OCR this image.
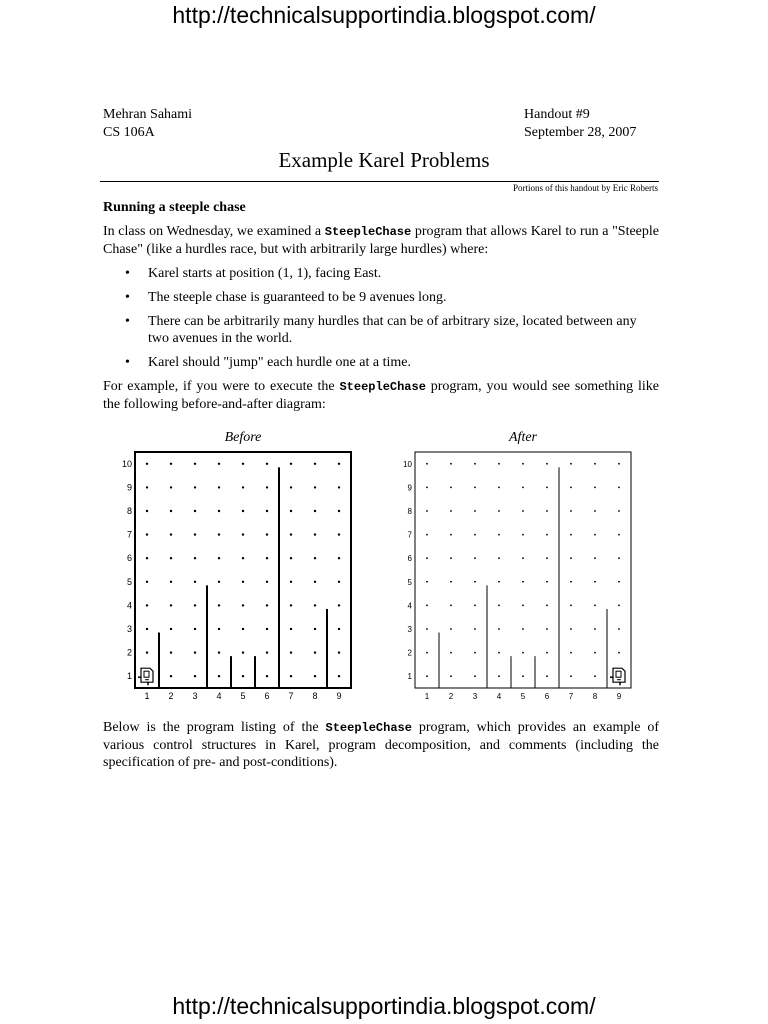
http://technicalsupportindia.blogspot.com/
Mehran Sahami
CS 106A
Handout #9
September 28, 2007
Example Karel Problems
Portions of this handout by Eric Roberts
Running a steeple chase
In class on Wednesday, we examined a SteepleChase program that allows Karel to run a "Steeple Chase" (like a hurdles race, but with arbitrarily large hurdles) where:
• Karel starts at position (1, 1), facing East.
• The steeple chase is guaranteed to be 9 avenues long.
• There can be arbitrarily many hurdles that can be of arbitrary size, located between any two avenues in the world.
• Karel should "jump" each hurdle one at a time.
For example, if you were to execute the SteepleChase program, you would see something like the following before-and-after diagram:
Before	After
1 2 3 4 5 6 7 8 9
1
2
3
4
5
6
7
8
9
10
1 2 3 4 5 6 7 8 9
1
2
3
4
5
6
7
8
9
10
Below is the program listing of the SteepleChase program, which provides an example of various control structures in Karel, program decomposition, and comments (including the specification of pre- and post-conditions).
http://technicalsupportindia.blogspot.com/
